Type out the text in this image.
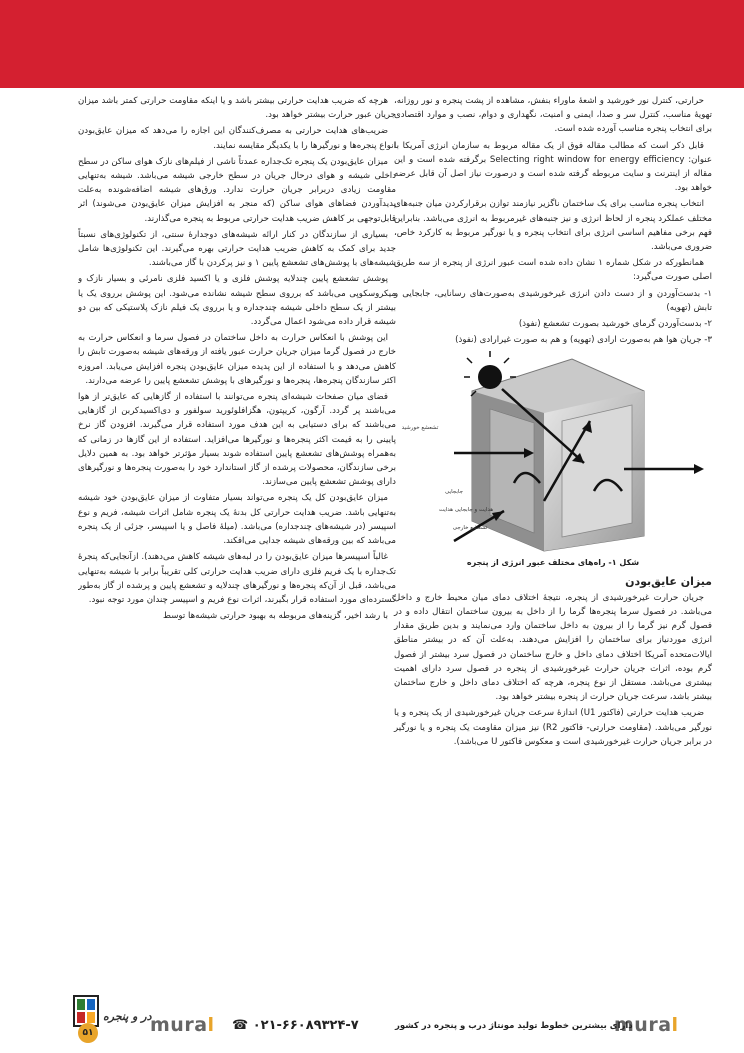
حرارتی، کنترل نور خورشید و اشعهٔ ماوراء بنفش، مشاهده از پشت پنجره و نور روزانه، تهویهٔ مناسب، کنترل سر و صدا، ایمنی و امنیت، نگهداری و دوام، نصب و موارد اقتصادی برای انتخاب پنجره مناسب آورده شده است.

قابل ذکر است که مطالب مقاله فوق از یک مقاله مربوط به سازمان انرژی آمریکا با عنوان: Selecting right window for energy efficiency برگرفته شده است و این مقاله از اینترنت و سایت مربوطه گرفته شده است و درصورت نیاز اصل آن قابل عرضه خواهد بود.

انتخاب پنجره مناسب برای یک ساختمان ناگزیر نیازمند توازن برقرارکردن میان جنبه‌های مختلف عملکرد پنجره از لحاظ انرژی و نیز جنبه‌های غیرمربوط به انرژی می‌باشد. بنابراین فهم برخی مفاهیم اساسی انرژی برای انتخاب پنجره و یا نورگیر مربوط به کارکرد خاص، ضروری می‌باشد.

همانطورکه در شکل شماره ۱ نشان داده شده است عبور انرژی از پنجره از سه طریق اصلی صورت می‌گیرد:

۱- بدست‌آوردن و از دست دادن انرژی غیرخورشیدی به‌صورت‌های رسانایی، جابجایی و تابش (تهویه)

۲- بدست‌آوردن گرمای خورشید بصورت تشعشع (نفوذ)

۳- جریان هوا هم به‌صورت ارادی (تهویه) و هم به صورت غیرارادی (نفوذ)

تشعشع خورشید
جابجایی
هدایت و جابجایی هدایت
تشعشع خارجی

شکل ۱- راه‌های مختلف عبور انرژی از پنجره

میزان عایق‌بودن

جریان حرارت غیرخورشیدی از پنجره، نتیجهٔ اختلاف دمای میان محیط خارج و داخل می‌باشد. در فصول سرما پنجره‌ها گرما را از داخل به بیرون ساختمان انتقال داده و در فصول گرم نیز گرما را از بیرون به داخل ساختمان وارد می‌نمایند و بدین طریق مقدار انرژی موردنیاز برای ساختمان را افزایش می‌دهند. به‌علت آن که در بیشتر مناطق ایالات‌متحده آمریکا اختلاف دمای داخل و خارج ساختمان در فصول سرد بیشتر از فصول گرم بوده، اثرات جریان حرارت غیرخورشیدی از پنجره در فصول سرد دارای اهمیت بیشتری می‌باشد. مستقل از نوع پنجره، هرچه که اختلاف دمای داخل و خارج ساختمان بیشتر باشد، سرعت جریان حرارت از پنجره بیشتر خواهد بود.

ضریب هدایت حرارتی (فاکتور U1) اندازهٔ سرعت جریان غیرخورشیدی از یک پنجره و یا نورگیر می‌باشد. (مقاومت حرارتی- فاکتور R2) نیز میزان مقاومت یک پنجره و یا نورگیر در برابر جریان حرارت غیرخورشیدی است و معکوس فاکتور U می‌باشد).

هرچه که ضریب هدایت حرارتی بیشتر باشد و یا اینکه مقاومت حرارتی کمتر باشد میزان جریان عبور حرارت بیشتر خواهد بود.

ضریب‌های هدایت حرارتی به مصرف‌کنندگان این اجازه را می‌دهد که میزان عایق‌بودن انواع پنجره‌ها و نورگیرها را با یکدیگر مقایسه نمایند.

میزان عایق‌بودن یک پنجره تک‌جداره عمدتاً ناشی از فیلم‌های نازک هوای ساکن در سطح داخلی شیشه و هوای درحال جریان در سطح خارجی شیشه می‌باشد. شیشه به‌تنهایی مقاومت زیادی دربرابر جریان حرارت ندارد. ورق‌های شیشه اضافه‌شونده به‌علت پدیدآوردن فضاهای هوای ساکن (که منجر به افزایش میزان عایق‌بودن می‌شوند) اثر قابل‌توجهی بر کاهش ضریب هدایت حرارتی مربوط به پنجره می‌گذارند.

بسیاری از سازندگان در کنار ارائه شیشه‌های دوجدارهٔ سنتی، از تکنولوژی‌های نسبتاً جدید برای کمک به کاهش ضریب هدایت حرارتی بهره می‌گیرند. این تکنولوژی‌ها شامل شیشه‌های با پوشش‌های تشعشع پایین ۱ و نیز پرکردن با گاز می‌باشند.

پوشش تشعشع پایین چندلایه پوشش فلزی و یا اکسید فلزی نامرئی و بسیار نازک و میکروسکوپی می‌باشد که برروی سطح شیشه نشانده می‌شود. این پوشش برروی یک یا بیشتر از یک سطح داخلی شیشه چندجداره و یا برروی یک فیلم نازک پلاستیکی که بین دو شیشه قرار داده می‌شود اعمال می‌گردد.

این پوشش با انعکاس حرارت به داخل ساختمان در فصول سرما و انعکاس حرارت به خارج در فصول گرما میزان جریان حرارت عبور یافته از ورقه‌های شیشه به‌صورت تابش را کاهش می‌دهد و با استفاده از این پدیده میزان عایق‌بودن پنجره افزایش می‌یابد. امروزه اکثر سازندگان پنجره‌ها، پنجره‌ها و نورگیرهای با پوشش تشعشع پایین را عرضه می‌دارند.

فضای میان صفحات شیشه‌ای پنجره می‌توانند با استفاده از گازهایی که عایق‌تر از هوا می‌باشند پر گردد. آرگون، کریپتون، هگزافلوئورید سولفور و دی‌اکسیدکربن از گازهایی می‌باشند که برای دستیابی به این هدف مورد استفاده قرار می‌گیرند. افزودن گاز نرخ پایینی را به قیمت اکثر پنجره‌ها و نورگیرها می‌افزاید. استفاده از این گازها در زمانی که به‌همراه پوشش‌های تشعشع پایین استفاده شوند بسیار مؤثرتر خواهد بود. به همین دلایل برخی سازندگان، محصولات پرشده از گاز استاندارد خود را به‌صورت پنجره‌ها و نورگیرهای دارای پوشش تشعشع پایین می‌سازند.

میزان عایق‌بودن کل یک پنجره می‌تواند بسیار متفاوت از میزان عایق‌بودن خود شیشه به‌تنهایی باشد. ضریب هدایت حرارتی کل بدنهٔ یک پنجره شامل اثرات شیشه، فریم و نوع اسپیسر (در شیشه‌های چندجداره) می‌باشد. (میلهٔ فاصل و یا اسپیسر، جزئی از یک پنجره می‌باشد که بین ورقه‌های شیشه جدایی می‌افکند.

غالباً اسپیسرها میزان عایق‌بودن را در لبه‌های شیشه کاهش می‌دهند). ازآنجایی‌که پنجرهٔ تک‌جداره با یک فریم فلزی دارای ضریب هدایت حرارتی کلی تقریباً برابر با شیشه به‌تنهایی می‌باشد، قبل از آن‌که پنجره‌ها و نورگیرهای چندلایه و تشعشع پایین و پرشده از گاز به‌طور گسترده‌ای مورد استفاده قرار بگیرند، اثرات نوع فریم و اسپیسر چندان مورد توجه نبود.

با رشد اخیر، گزینه‌های مربوطه به بهبود حرارتی شیشه‌ها توسط

mural
دارای بیشترین خطوط تولید مونتاژ درب و پنجره در کشور
☎ ۰۲۱-۶۶۰۸۹۳۲۴-۷
mural
در و پنجره
۵۱
